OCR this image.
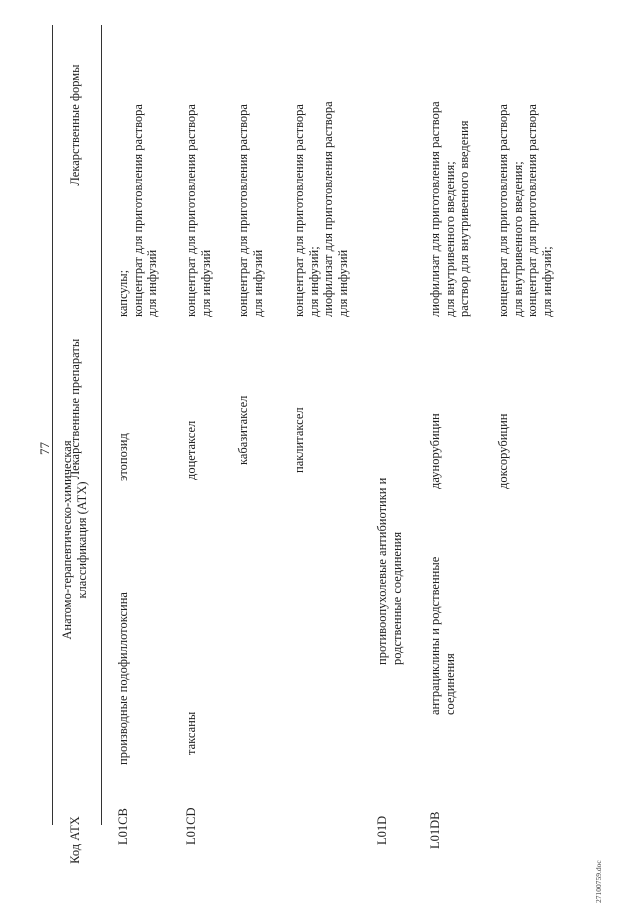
77
Код АТХ
Анатомо-терапевтическо-химическая классификация (АТХ)
Лекарственные препараты
Лекарственные формы
L01CB
производные подофиллотоксина
этопозид
капсулы; концентрат для приготовления раствора для инфузий
L01CD
таксаны
доцетаксел
концентрат для приготовления раствора для инфузий
кабазитаксел
концентрат для приготовления раствора для инфузий
паклитаксел
концентрат для приготовления раствора для инфузий; лиофилизат для приготовления раствора для инфузий
L01D
противоопухолевые антибиотики и родственные соединения
L01DB
антрациклины и родственные соединения
даунорубицин
лиофилизат для приготовления раствора для внутривенного введения; раствор для внутривенного введения
доксорубицин
концентрат для приготовления раствора для внутривенного введения; концентрат для приготовления раствора для инфузий;
27100759.doc
